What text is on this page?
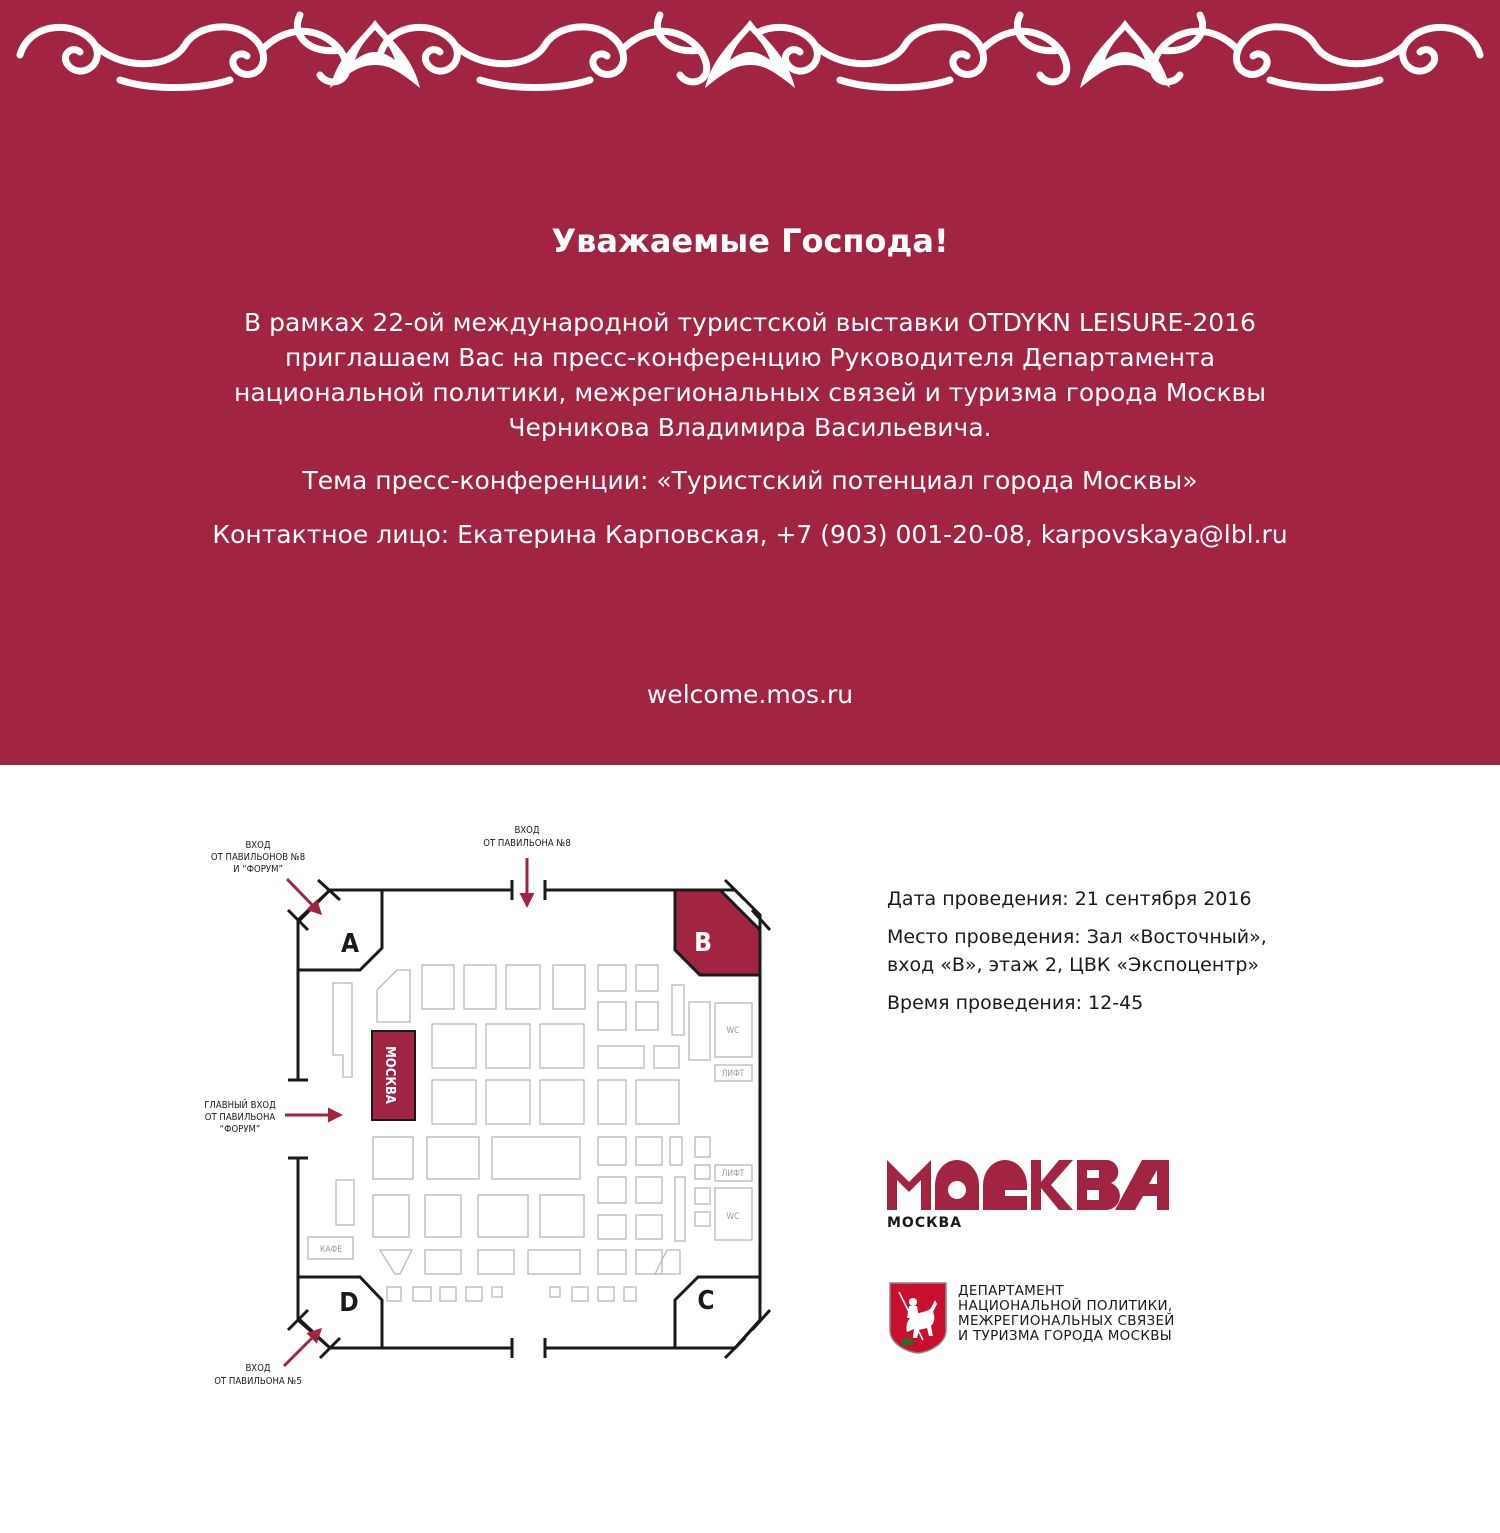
Уважаемые Господа!

В рамках 22-ой международной туристской выставки OTDYKN LEISURE-2016
приглашаем Вас на пресс-конференцию Руководителя Департамента
национальной политики, межрегиональных связей и туризма города Москвы
Черникова Владимира Васильевича.

Тема пресс-конференции: «Туристский потенциал города Москвы»

Контактное лицо: Екатерина Карповская, +7 (903) 001-20-08, karpovskaya@lbl.ru

welcome.mos.ru
A	B
C
D
WC
ЛИФТ
ЛИФТ
WC
КАФЕ
МОСКВА
ВХОД
ОТ ПАВИЛЬОНОВ №8
И “ФОРУМ”
ВХОД
ОТ ПАВИЛЬОНА №8
ГЛАВНЫЙ ВХОД
ОТ ПАВИЛЬОНА
“ФОРУМ”
ВХОД
ОТ ПАВИЛЬОНА №5

Дата проведения: 21 сентября 2016

Место проведения: Зал «Восточный»,
вход «В», этаж 2, ЦВК «Экспоцентр»

Время проведения: 12-45

МОСКВА
ДЕПАРТАМЕНТ
НАЦИОНАЛЬНОЙ ПОЛИТИКИ,
МЕЖРЕГИОНАЛЬНЫХ СВЯЗЕЙ
И ТУРИЗМА ГОРОДА МОСКВЫ
